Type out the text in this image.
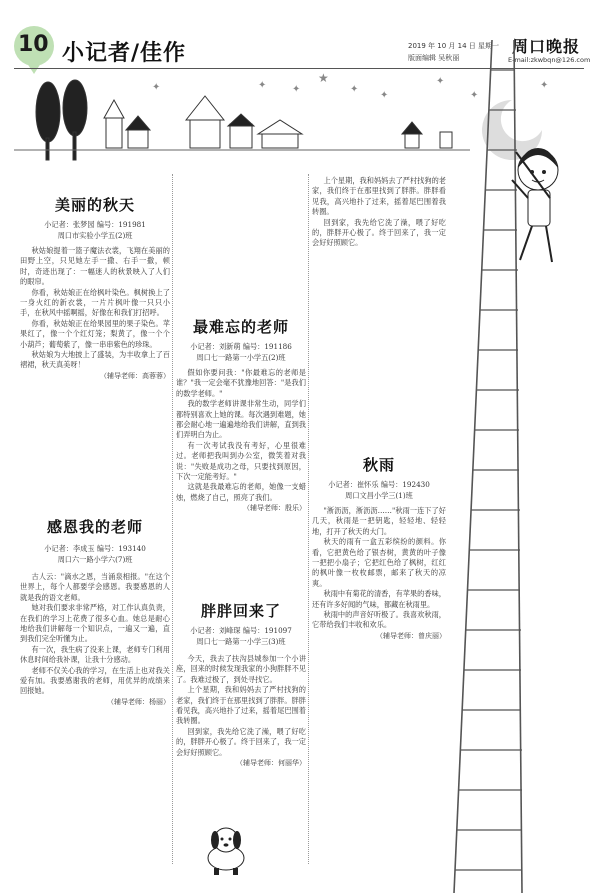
10 小记者/佳作	2019 年 10 月 14 日 星期一
版面编辑 吴秋丽
周口晚报
E-mail:zkwbqn@126.com
✦	✦	✦
★
✦
✦
✦
✦
✦
美丽的秋天
小记者：张梦园 编号：191981
周口市实验小学五(2)班

秋姑娘提着一篮子魔法衣裳，飞翔在美丽的田野上空，只见她左手一撒、右手一撒，顿时，奇迹出现了：一幅迷人的秋景映入了人们的眼帘。

你看，秋姑娘正在给枫叶染色。枫树换上了一身火红的新衣裳，一片片枫叶像一只只小手，在秋风中摇啊摇，好像在和我们打招呼。

你看，秋姑娘正在给果园里的果子染色。苹果红了，像一个个红灯笼；梨黄了，像一个个小葫芦；葡萄紫了，像一串串紫色的珍珠。

秋姑娘为大地披上了盛装，为丰收拿上了百褶裙，秋天真美呀！

（辅导老师：高蓉蓉）
感恩我的老师
小记者：李成玉 编号：193140
周口六一路小学六(7)班

古人云："滴水之恩，当涌泉相报。"在这个世界上，每个人都要学会感恩。我要感恩的人就是我的语文老师。

她对我们要求非常严格，对工作认真负责，在我们的学习上花费了很多心血。她总是耐心地给我们讲解每一个知识点，一遍又一遍，直到我们完全听懂为止。

有一次，我生病了没来上课，老师专门利用休息时间给我补课，让我十分感动。

老师不仅关心我的学习，在生活上也对我关爱有加。我要感谢我的老师，用优异的成绩来回报她。

（辅导老师：杨丽）
最难忘的老师
小记者：刘新萌 编号：191186
周口七一路第一小学五(2)班

假如你要问我："你最难忘的老师是谁？"我一定会毫不犹豫地回答："是我们的数学老师。"

我的数学老师讲课非常生动，同学们都特别喜欢上她的课。每次遇到难题，她都会耐心地一遍遍地给我们讲解，直到我们弄明白为止。

有一次考试我没有考好，心里很难过。老师把我叫到办公室，微笑着对我说："失败是成功之母，只要找到原因，下次一定能考好。"

这就是我最难忘的老师，她像一支蜡烛，燃烧了自己，照亮了我们。

（辅导老师：殷乐）
胖胖回来了
小记者：刘峰琛 编号：191097
周口七一路第一小学三(3)班

今天，我去了扶沟县城参加一个小讲座，回来的时候发现我家的小狗胖胖不见了。我难过极了，到处寻找它。

上个星期，我和妈妈去了严村找狗的老家，我们终于在那里找到了胖胖。胖胖看见我，高兴地扑了过来，摇着尾巴围着我转圈。

回到家，我先给它洗了澡，喂了好吃的，胖胖开心极了。终于回来了，我一定会好好照顾它。

（辅导老师：何丽华）

上个星期，我和妈妈去了严村找狗的老家，我们终于在那里找到了胖胖。胖胖看见我，高兴地扑了过来，摇着尾巴围着我转圈。

回到家，我先给它洗了澡，喂了好吃的，胖胖开心极了。终于回来了，我一定会好好照顾它。

秋雨
小记者：崔怀乐 编号：192430
周口文昌小学三(1)班

"淅沥沥，淅沥沥……"秋雨一连下了好几天，秋雨是一把钥匙，轻轻地、轻轻地，打开了秋天的大门。

秋天的雨有一盒五彩缤纷的颜料。你看，它把黄色给了银杏树，黄黄的叶子像一把把小扇子；它把红色给了枫树，红红的枫叶像一枚枚邮票，邮来了秋天的凉爽。

秋雨中有菊花的清香，有苹果的香味，还有许多好闻的气味，都藏在秋雨里。

秋雨中的声音好听极了。我喜欢秋雨，它带给我们丰收和欢乐。

（辅导老师：曾庆丽）
